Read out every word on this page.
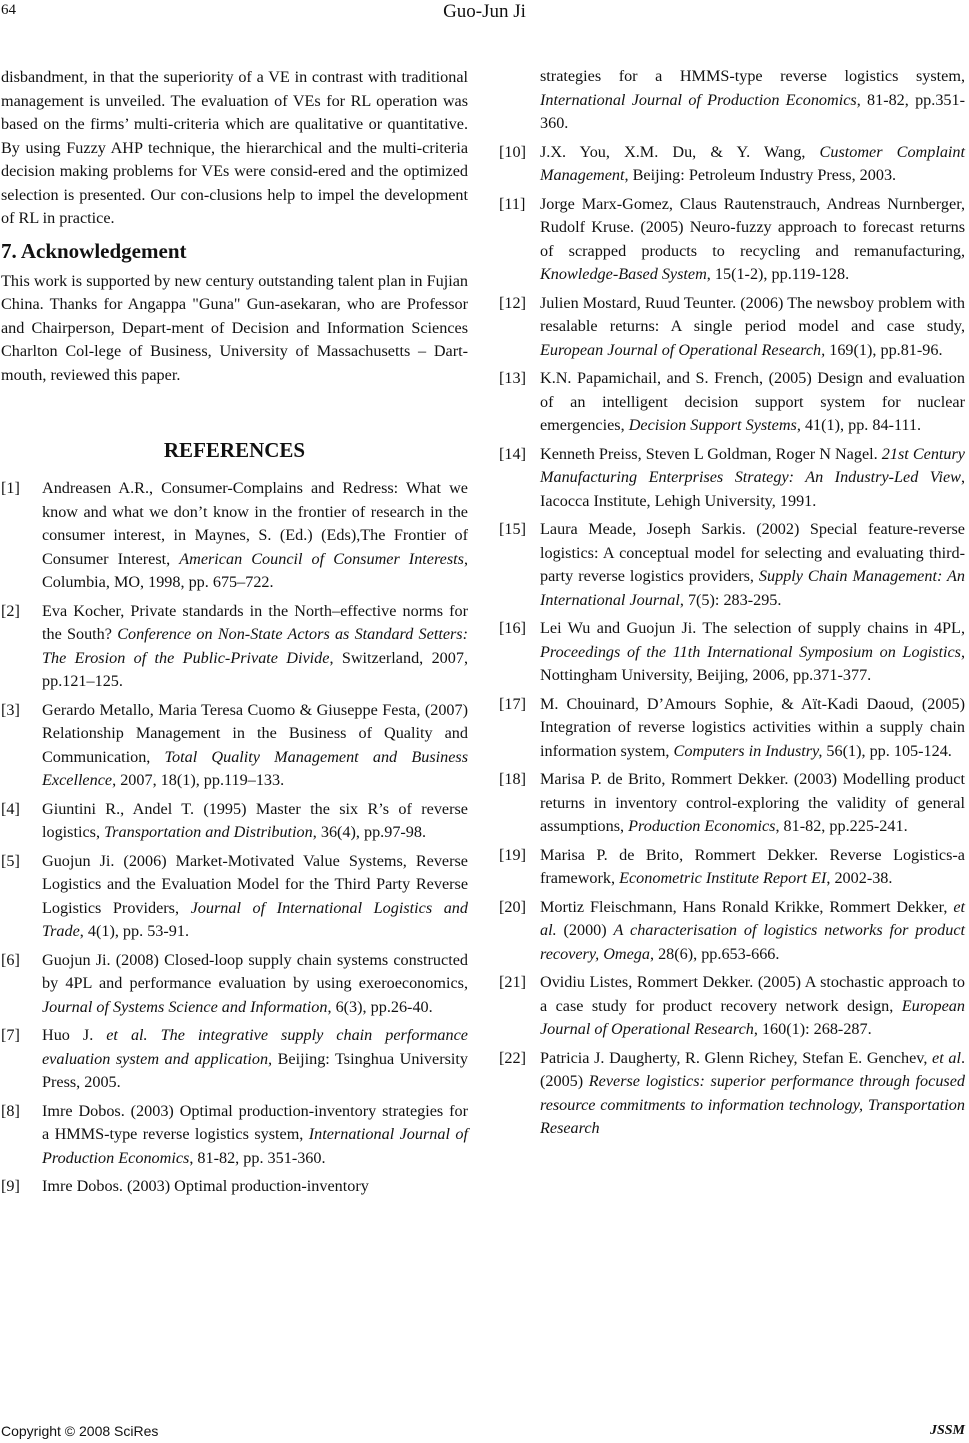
64	Guo-Jun Ji

disbandment, in that the superiority of a VE in contrast with traditional management is unveiled. The evaluation of VEs for RL operation was based on the firms’ multi-criteria which are qualitative or quantitative. By using Fuzzy AHP technique, the hierarchical and the multi-criteria decision making problems for VEs were consid-ered and the optimized selection is presented. Our con-clusions help to impel the development of RL in practice.

7. Acknowledgement

This work is supported by new century outstanding talent plan in Fujian China. Thanks for Angappa "Guna" Gun-asekaran, who are Professor and Chairperson, Depart-ment of Decision and Information Sciences Charlton Col-lege of Business, University of Massachusetts – Dart-mouth, reviewed this paper.

REFERENCES
[1]	Andreasen A.R., Consumer-Complains and Redress: What we know and what we don’t know in the frontier of research in the consumer interest, in Maynes, S. (Ed.) (Eds),The Frontier of Consumer Interest, American Council of Consumer Interests, Columbia, MO, 1998, pp. 675–722.
[2]	Eva Kocher, Private standards in the North–effective norms for the South? Conference on Non-State Actors as Standard Setters: The Erosion of the Public-Private Divide, Switzerland, 2007, pp.121–125.
[3]	Gerardo Metallo, Maria Teresa Cuomo & Giuseppe Festa, (2007) Relationship Management in the Business of Quality and Communication, Total Quality Management and Business Excellence, 2007, 18(1), pp.119–133.
[4]	Giuntini R., Andel T. (1995) Master the six R’s of reverse logistics, Transportation and Distribution, 36(4), pp.97-98.
[5]	Guojun Ji. (2006) Market-Motivated Value Systems, Reverse Logistics and the Evaluation Model for the Third Party Reverse Logistics Providers, Journal of International Logistics and Trade, 4(1), pp. 53-91.
[6]	Guojun Ji. (2008) Closed-loop supply chain systems constructed by 4PL and performance evaluation by using exeroeconomics, Journal of Systems Science and Information, 6(3), pp.26-40.
[7]	Huo J. et al. The integrative supply chain performance evaluation system and application, Beijing: Tsinghua University Press, 2005.
[8]	Imre Dobos. (2003) Optimal production-inventory strategies for a HMMS-type reverse logistics system, International Journal of Production Economics, 81-82, pp. 351-360.
[9]	Imre Dobos. (2003) Optimal production-inventory
strategies for a HMMS-type reverse logistics system, International Journal of Production Economics, 81-82, pp.351-360.
[10] J.X. You, X.M. Du, & Y. Wang, Customer Complaint Management, Beijing: Petroleum Industry Press, 2003.
[11] Jorge Marx-Gomez, Claus Rautenstrauch, Andreas Nurnberger, Rudolf Kruse. (2005) Neuro-fuzzy approach to forecast returns of scrapped products to recycling and remanufacturing, Knowledge-Based System, 15(1-2), pp.119-128.
[12] Julien Mostard, Ruud Teunter. (2006) The newsboy problem with resalable returns: A single period model and case study, European Journal of Operational Research, 169(1), pp.81-96.
[13] K.N. Papamichail, and S. French, (2005) Design and evaluation of an intelligent decision support system for nuclear emergencies, Decision Support Systems, 41(1), pp. 84-111.
[14] Kenneth Preiss, Steven L Goldman, Roger N Nagel. 21st Century Manufacturing Enterprises Strategy: An Industry-Led View, Iacocca Institute, Lehigh University, 1991.
[15] Laura Meade, Joseph Sarkis. (2002) Special feature-reverse logistics: A conceptual model for selecting and evaluating third-party reverse logistics providers, Supply Chain Management: An International Journal, 7(5): 283-295.
[16] Lei Wu and Guojun Ji. The selection of supply chains in 4PL, Proceedings of the 11th International Symposium on Logistics, Nottingham University, Beijing, 2006, pp.371-377.
[17] M. Chouinard, D’Amours Sophie, & Aït-Kadi Daoud, (2005) Integration of reverse logistics activities within a supply chain information system, Computers in Industry, 56(1), pp. 105-124.
[18] Marisa P. de Brito, Rommert Dekker. (2003) Modelling product returns in inventory control-exploring the validity of general assumptions, Production Economics, 81-82, pp.225-241.
[19] Marisa P. de Brito, Rommert Dekker. Reverse Logistics-a framework, Econometric Institute Report EI, 2002-38.
[20] Mortiz Fleischmann, Hans Ronald Krikke, Rommert Dekker, et al. (2000) A characterisation of logistics networks for product recovery, Omega, 28(6), pp.653-666.
[21] Ovidiu Listes, Rommert Dekker. (2005) A stochastic approach to a case study for product recovery network design, European Journal of Operational Research, 160(1): 268-287.
[22] Patricia J. Daugherty, R. Glenn Richey, Stefan E. Genchev, et al. (2005) Reverse logistics: superior performance through focused resource commitments to information technology, Transportation Research
Copyright © 2008 SciRes	JSSM
